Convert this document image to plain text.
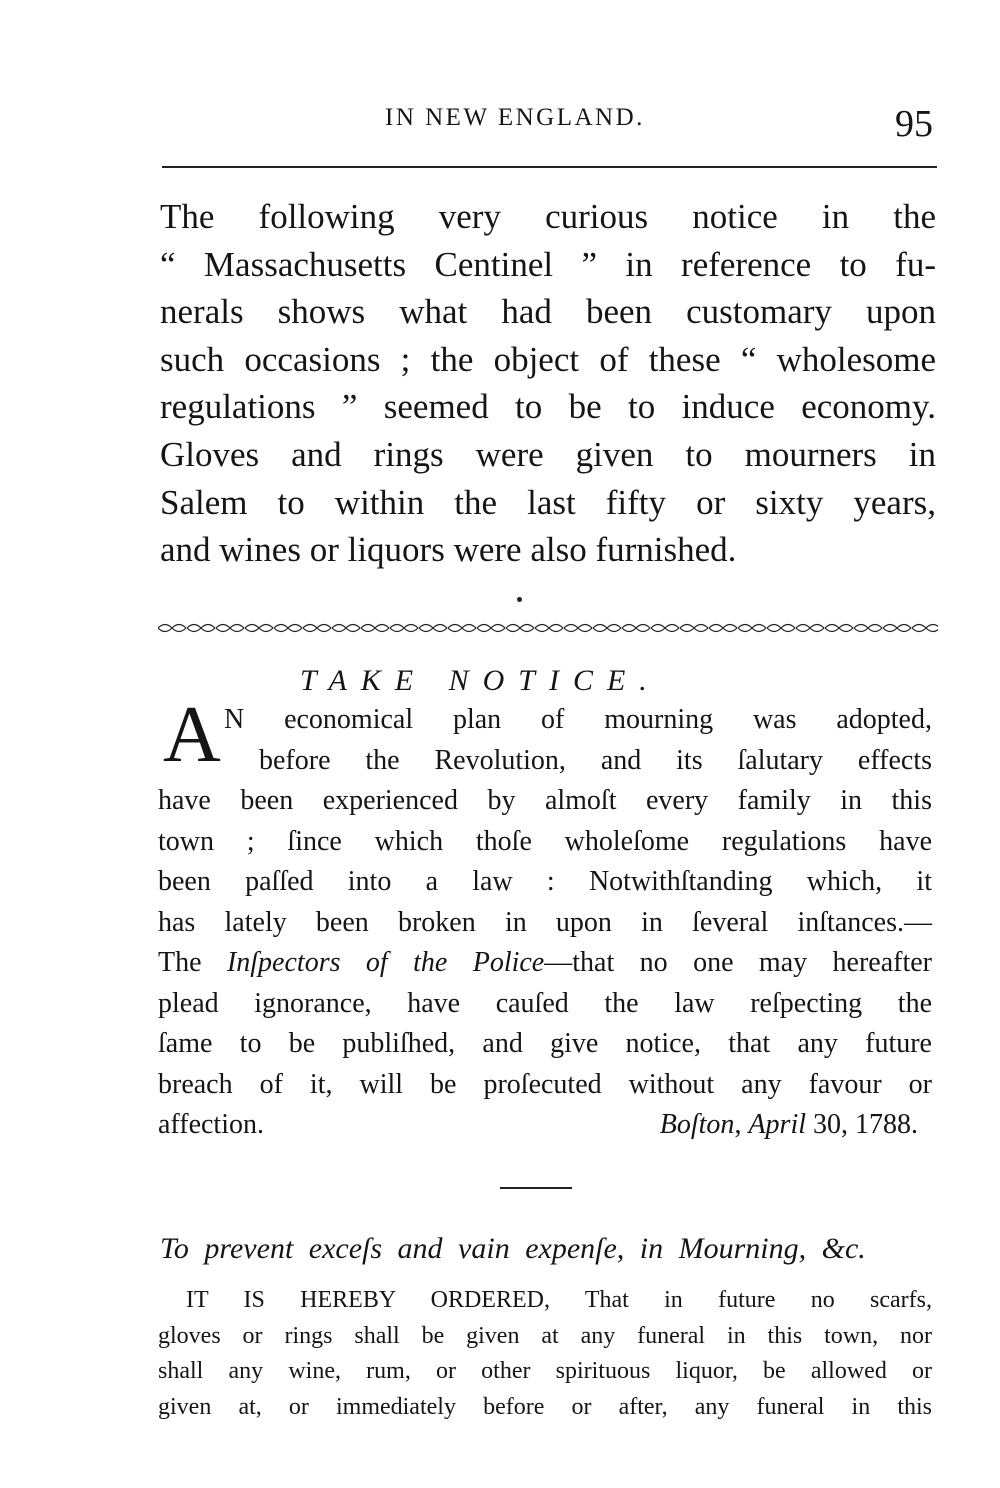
IN NEW ENGLAND.	95
The following very curious notice in the
“ Massachusetts Centinel ” in reference to fu-
nerals shows what had been customary upon
such occasions ; the object of these “ wholesome
regulations ” seemed to be to induce economy.
Gloves and rings were given to mourners in
Salem to within the last fifty or sixty years,
and wines or liquors were also furnished.
TAKE NOTICE.
A N economical plan of mourning was adopted,
before the Revolution, and its ſalutary effects
have been experienced by almoſt every family in this
town ; ſince which thoſe wholeſome regulations have
been paſſed into a law : Notwithſtanding which, it
has lately been broken in upon in ſeveral inſtances.—
The Inſpectors of the Police—that no one may hereafter
plead ignorance, have cauſed the law reſpecting the
ſame to be publiſhed, and give notice, that any future
breach of it, will be proſecuted without any favour or
affection.	Boſton, April 30, 1788.
To prevent exceſs and vain expenſe, in Mourning, &c.
IT IS HEREBY ORDERED, That in future no scarfs,
gloves or rings shall be given at any funeral in this town, nor
shall any wine, rum, or other spirituous liquor, be allowed or
given at, or immediately before or after, any funeral in this
